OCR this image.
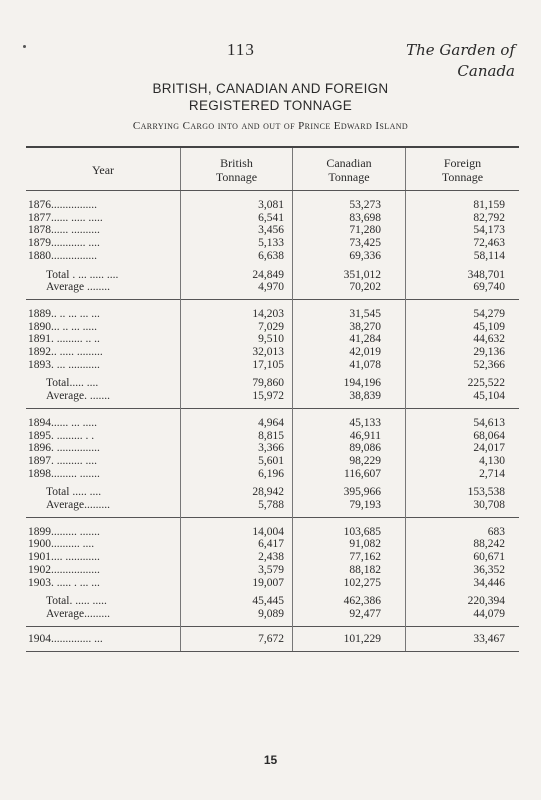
113	The Garden of
Canada
BRITISH, CANADIAN AND FOREIGN
REGISTERED TONNAGE
Carrying Cargo into and out of Prince Edward Island
Year	British Tonnage	Canadian Tonnage	Foreign Tonnage
1876................	3,081	53,273	81,159
1877...... ..... .....	6,541	83,698	82,792
1878...... ..........	3,456	71,280	54,173
1879............ ....	5,133	73,425	72,463
1880................	6,638	69,336	58,114
Total . ... ..... ....	24,849	351,012	348,701
Average ........	4,970	70,202	69,740
1889.. .. ... ... ...	14,203	31,545	54,279
1890... .. ... .....	7,029	38,270	45,109
1891. ......... .. ..	9,510	41,284	44,632
1892.. ..... .........	32,013	42,019	29,136
1893. ... ...........	17,105	41,078	52,366
Total..... ....	79,860	194,196	225,522
Average. .......	15,972	38,839	45,104
1894...... ... .....	4,964	45,133	54,613
1895. ......... . .	8,815	46,911	68,064
1896. ...............	3,366	89,086	24,017
1897. ......... ....	5,601	98,229	4,130
1898......... .......	6,196	116,607	2,714
Total ..... ....	28,942	395,966	153,538
Average.........	5,788	79,193	30,708
1899......... .......	14,004	103,685	683
1900.......... ....	6,417	91,082	88,242
1901.... ............	2,438	77,162	60,671
1902.................	3,579	88,182	36,352
1903. ..... . ... ...	19,007	102,275	34,446
Total. ..... .....	45,445	462,386	220,394
Average.........	9,089	92,477	44,079
1904.............. ...	7,672	101,229	33,467
15
